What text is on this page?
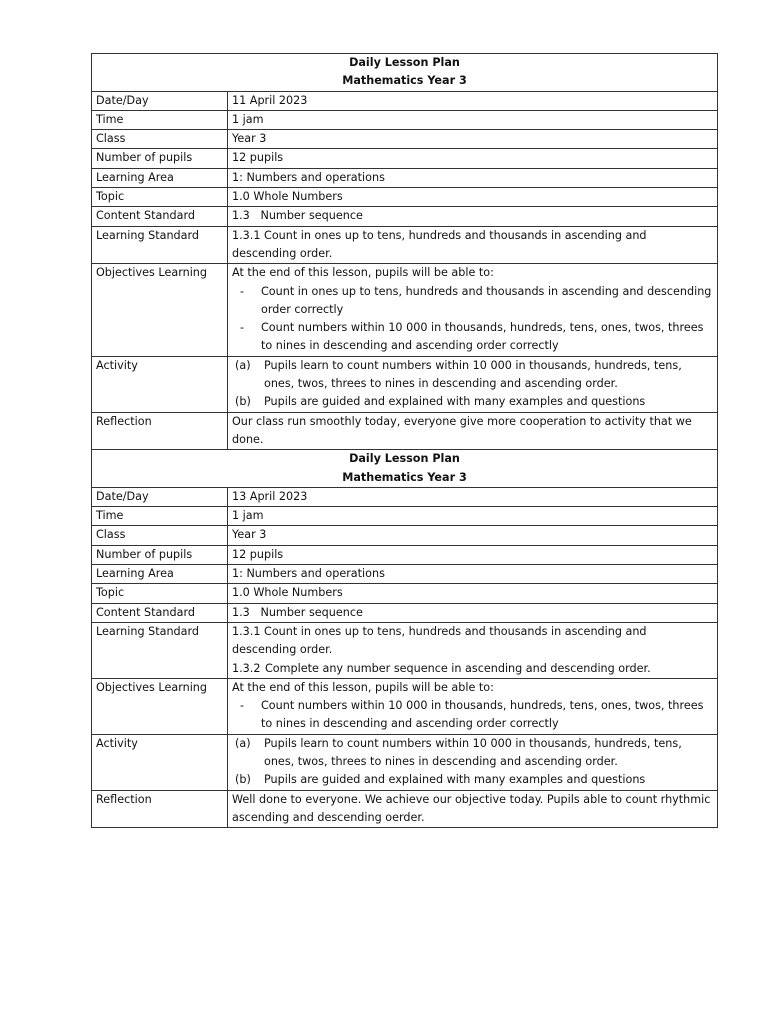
Daily Lesson Plan
Mathematics Year 3	

Date/Day	11 April 2023
Time	1 jam
Class	Year 3
Number of pupils	12 pupils
Learning Area	1: Numbers and operations
Topic	1.0 Whole Numbers
Content Standard	1.3   Number sequence
Learning Standard	1.3.1 Count in ones up to tens, hundreds and thousands in ascending and descending order.

Objectives Learning	At the end of this lesson, pupils will be able to:
- Count in ones up to tens, hundreds and thousands in ascending and descending order correctly
- Count numbers within 10 000 in thousands, hundreds, tens, ones, twos, threes to nines in descending and ascending order correctly

Activity	(a) Pupils learn to count numbers within 10 000 in thousands, hundreds, tens, ones, twos, threes to nines in descending and ascending order.
(b) Pupils are guided and explained with many examples and questions

Reflection	Our class run smoothly today, everyone give more cooperation to activity that we done.

Daily Lesson Plan
Mathematics Year 3	

Date/Day	13 April 2023
Time	1 jam
Class	Year 3
Number of pupils	12 pupils
Learning Area	1: Numbers and operations
Topic	1.0 Whole Numbers
Content Standard	1.3   Number sequence
Learning Standard	1.3.1 Count in ones up to tens, hundreds and thousands in ascending and descending order.
1.3.2 Complete any number sequence in ascending and descending order.

Objectives Learning	At the end of this lesson, pupils will be able to:
- Count numbers within 10 000 in thousands, hundreds, tens, ones, twos, threes to nines in descending and ascending order correctly

Activity	(a) Pupils learn to count numbers within 10 000 in thousands, hundreds, tens, ones, twos, threes to nines in descending and ascending order.
(b) Pupils are guided and explained with many examples and questions

Reflection	Well done to everyone. We achieve our objective today. Pupils able to count rhythmic ascending and descending oerder.
